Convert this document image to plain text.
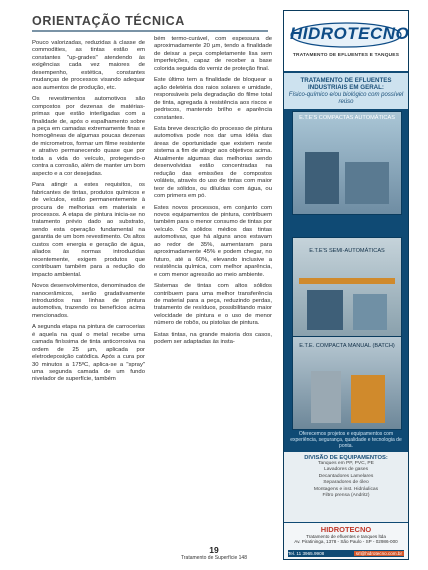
ORIENTAÇÃO TÉCNICA

Pouco valorizadas, reduzidas à classe de commodities, as tintas estão em constantes "up-grades" atendendo às exigências cada vez maiores de desempenho, estética, constantes mudanças de processos visando adequar aos aumentos de produção, etc.

Os revestimentos automotivos são compostos por dezenas de matérias-primas que estão interligadas com a finalidade de, após o espalhamento sobre a peça em camadas extremamente finas e homogêneas de algumas poucas dezenas de micrometros, formar um filme resistente e atrativo permanecendo quase que por toda a vida do veículo, protegendo-o contra a corrosão, além de manter um bom aspecto e a cor desejadas.

Para atingir a estes requisitos, os fabricantes de tintas, produtos químicos e de veículos, estão permanentemente à procura de melhorias em materiais e processos. A etapa de pintura inicia-se no tratamento prévio dado ao substrato, sendo esta operação fundamental na garantia de um bom revestimento. Os altos custos com energia e geração de água, aliados às normas introduzidas recentemente, exigem produtos que contribuam também para a redução do impacto ambiental.

Novos desenvolvimentos, denominados de nanocerâmicos, serão gradativamente introduzidos nas linhas de pintura automotiva, trazendo os benefícios acima mencionados.

A segunda etapa na pintura de carrocerias é aquela na qual o metal recebe uma camada finíssima de tinta anticorrosiva na ordem de 25 µm, aplicada por eletrodeposição catódica. Após a cura por 30 minutos a 175ºC, aplica-se a "spray" uma segunda camada de um fundo nivelador de superfície, também

bém termo-curável, com espessura de aproximadamente 20 µm, tendo a finalidade de deixar a peça completamente lisa sem imperfeições, capaz de receber a base colorida seguida do verniz de proteção final.

Este último tem a finalidade de bloquear a ação deletéria dos raios solares e umidade, responsáveis pela degradação do filme total de tinta, agregada à resistência aos riscos e pedriscos, mantendo brilho e aparência constantes.

Esta breve descrição do processo de pintura automotiva pode nos dar uma idéia das áreas de oportunidade que existem neste sistema a fim de atingir aos objetivos acima. Atualmente algumas das melhorias sendo desenvolvidas estão concentradas na redução das emissões de compostos voláteis, através do uso de tintas com maior teor de sólidos, ou diluídas com água, ou com primers em pó.

Estes novos processos, em conjunto com novos equipamentos de pintura, contribuem também para o menor consumo de tintas por veículo. Os sólidos médios das tintas automotivas, que há alguns anos estavam ao redor de 35%, aumentaram para aproximadamente 45% e podem chegar, no futuro, até a 60%, elevando inclusive a resistência química, com melhor aparência, e com menor agressão ao meio ambiente.

Sistemas de tintas com altos sólidos contribuem para uma melhor transferência de material para a peça, reduzindo perdas, tratamento de resíduos, possibilitando maior velocidade de pintura e o uso de menor número de robôs, ou pistolas de pintura.

Estas tintas, na grande maioria dos casos, podem ser adaptadas às insta-

HIDROTECNO
TRATAMENTO DE EFLUENTES E TANQUES
TRATAMENTO DE EFLUENTES INDUSTRIAIS EM GERAL:
Físico-químico e/ou biológico com possível reúso
E.T.E'S COMPACTAS AUTOMÁTICAS
E.T.E'S SEMI-AUTOMÁTICAS
E.T.E. COMPACTA MANUAL (BATCH)
Oferecemos projetos e equipamentos com experiência, segurança, qualidade e tecnologia de ponta.
DIVISÃO DE EQUIPAMENTOS:
Tanques em PP, PVC, PE
Lavadores de gases
Decantadores Lamelares
Separadores de óleo
Montagens e inst. Hidráulicas
Filtro prensa (Andritz)
HIDROTECNO
Tratamento de efluentes e tanques ltda
Av. Piratininga, 1378 - São Paulo - SP - 02986-000
Tel. 11 3965.9908	srl@hidrotecno.com.br
19
Tratamento de Superfície 148
